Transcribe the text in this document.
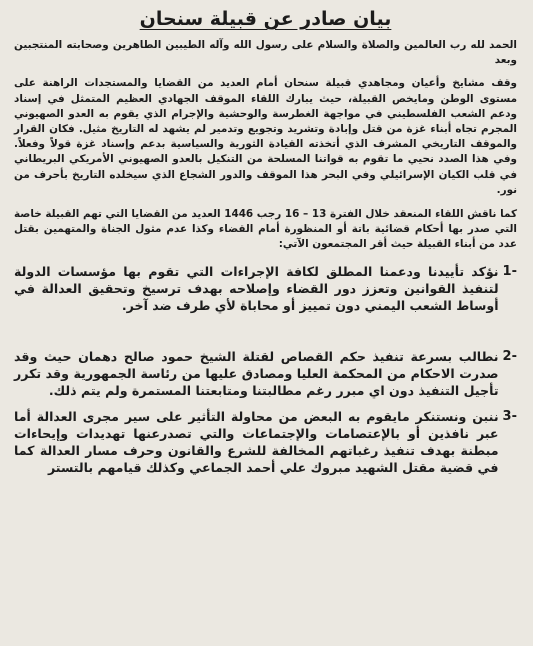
بيان صادر عن قبيلة سنحان

الحمد لله رب العالمين والصلاة والسلام على رسول الله وآله الطيبين الطاهرين وصحابته المنتجبين وبعد

وقف مشايخ وأعيان ومجاهدي قبيلة سنحان أمام العديد من القضايا والمستجدات الراهنة على مستوى الوطن ومايخص القبيلة، حيث يبارك اللقاء الموقف الجهادي العظيم المتمثل في إسناد ودعم الشعب الفلسطيني في مواجهة الغطرسة والوحشية والإجرام الذي يقوم به العدو الصهيوني المجرم تجاه أبناء غزة من قتل وإبادة وتشريد وتجويع وتدمير لم يشهد له التاريخ مثيل. فكان القرار والموقف التاريخي المشرف الذي أتخذته القيادة الثورية والسياسية بدعم وإسناد غزة قولاً وفعلاً. وفي هذا الصدد نحيي ما تقوم به قواتنا المسلحة من التنكيل بالعدو الصهيوني الأمريكي البريطاني في قلب الكيان الإسرائيلي وفي البحر هذا الموقف والدور الشجاع الذي سيخلده التاريخ بأحرف من نور.

كما ناقش اللقاء المنعقد خلال الفترة 13 – 16 رجب 1446 العديد من القضايا التي تهم القبيلة خاصة التي صدر بها أحكام قضائية باتة أو المنظورة أمام القضاء وكذا عدم مثول الجناة والمتهمين بقتل عدد من أبناء القبيلة حيث أقر المجتمعون الآتي:

-1
نؤكد تأييدنا ودعمنا المطلق لكافة الإجراءات التي تقوم بها مؤسسات الدولة لتنفيذ القوانين وتعزز دور القضاء وإصلاحه بهدف ترسيخ وتحقيق العدالة في أوساط الشعب اليمني دون تمييز أو محاباة لأي طرف ضد آخر.
-2
نطالب بسرعة تنفيذ حكم القصاص لقتلة الشيخ حمود صالح دهمان حيث وقد صدرت الاحكام من المحكمة العليا ومصادق عليها من رئاسة الجمهورية وقد تكرر تأجيل التنفيذ دون اي مبرر رغم مطالبتنا ومتابعتنا المستمرة ولم يتم ذلك.
-3
ننبن ونستنكر مايقوم به البعض من محاولة التأثير على سير مجرى العدالة أما عبر نافذين أو بالإعتصامات والإجتماعات والتي تصدرعنها تهديدات وإيحاءات مبطنة بهدف تنفيذ رغباتهم المخالفة للشرع والقانون وحرف مسار العدالة كما في قضية مقتل الشهيد مبروك علي أحمد الجماعي وكذلك قيامهم بالتستر
